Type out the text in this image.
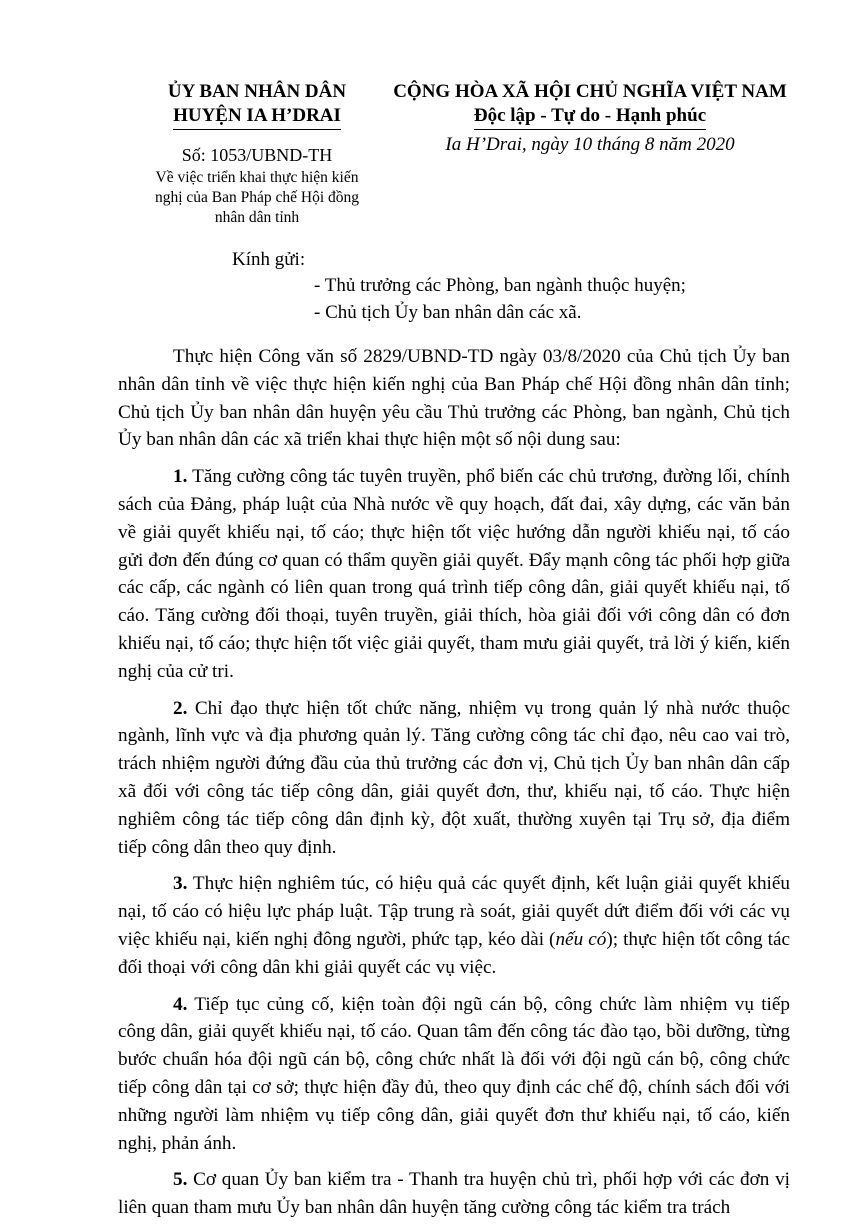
ỦY BAN NHÂN DÂN
HUYỆN IA H’DRAI
Số: 1053/UBND-TH
Về việc triển khai thực hiện kiến nghị của Ban Pháp chế Hội đồng nhân dân tỉnh
CỘNG HÒA XÃ HỘI CHỦ NGHĨA VIỆT NAM
Độc lập - Tự do - Hạnh phúc
Ia H’Drai, ngày 10 tháng 8 năm 2020
Kính gửi:
- Thủ trưởng các Phòng, ban ngành thuộc huyện;
- Chủ tịch Ủy ban nhân dân các xã.

Thực hiện Công văn số 2829/UBND-TD ngày 03/8/2020 của Chủ tịch Ủy ban nhân dân tỉnh về việc thực hiện kiến nghị của Ban Pháp chế Hội đồng nhân dân tỉnh; Chủ tịch Ủy ban nhân dân huyện yêu cầu Thủ trưởng các Phòng, ban ngành, Chủ tịch Ủy ban nhân dân các xã triển khai thực hiện một số nội dung sau:

1. Tăng cường công tác tuyên truyền, phổ biến các chủ trương, đường lối, chính sách của Đảng, pháp luật của Nhà nước về quy hoạch, đất đai, xây dựng, các văn bản về giải quyết khiếu nại, tố cáo; thực hiện tốt việc hướng dẫn người khiếu nại, tố cáo gửi đơn đến đúng cơ quan có thẩm quyền giải quyết. Đẩy mạnh công tác phối hợp giữa các cấp, các ngành có liên quan trong quá trình tiếp công dân, giải quyết khiếu nại, tố cáo. Tăng cường đối thoại, tuyên truyền, giải thích, hòa giải đối với công dân có đơn khiếu nại, tố cáo; thực hiện tốt việc giải quyết, tham mưu giải quyết, trả lời ý kiến, kiến nghị của cử tri.

2. Chỉ đạo thực hiện tốt chức năng, nhiệm vụ trong quản lý nhà nước thuộc ngành, lĩnh vực và địa phương quản lý. Tăng cường công tác chỉ đạo, nêu cao vai trò, trách nhiệm người đứng đầu của thủ trưởng các đơn vị, Chủ tịch Ủy ban nhân dân cấp xã đối với công tác tiếp công dân, giải quyết đơn, thư, khiếu nại, tố cáo. Thực hiện nghiêm công tác tiếp công dân định kỳ, đột xuất, thường xuyên tại Trụ sở, địa điểm tiếp công dân theo quy định.

3. Thực hiện nghiêm túc, có hiệu quả các quyết định, kết luận giải quyết khiếu nại, tố cáo có hiệu lực pháp luật. Tập trung rà soát, giải quyết dứt điểm đối với các vụ việc khiếu nại, kiến nghị đông người, phức tạp, kéo dài (nếu có); thực hiện tốt công tác đối thoại với công dân khi giải quyết các vụ việc.

4. Tiếp tục củng cố, kiện toàn đội ngũ cán bộ, công chức làm nhiệm vụ tiếp công dân, giải quyết khiếu nại, tố cáo. Quan tâm đến công tác đào tạo, bồi dưỡng, từng bước chuẩn hóa đội ngũ cán bộ, công chức nhất là đối với đội ngũ cán bộ, công chức tiếp công dân tại cơ sở; thực hiện đầy đủ, theo quy định các chế độ, chính sách đối với những người làm nhiệm vụ tiếp công dân, giải quyết đơn thư khiếu nại, tố cáo, kiến nghị, phản ánh.

5. Cơ quan Ủy ban kiểm tra - Thanh tra huyện chủ trì, phối hợp với các đơn vị liên quan tham mưu Ủy ban nhân dân huyện tăng cường công tác kiểm tra trách
